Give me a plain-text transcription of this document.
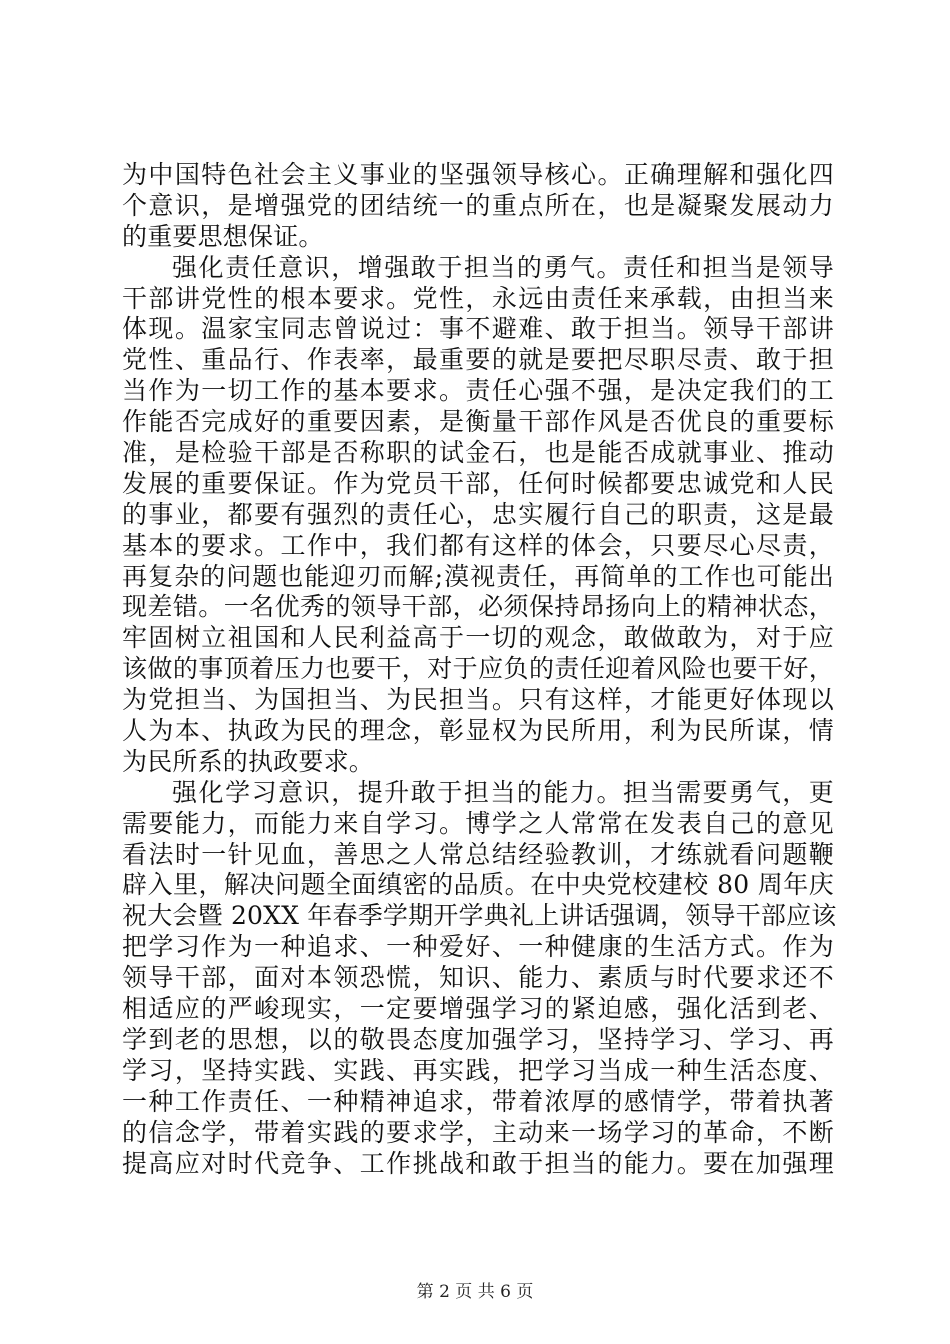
为中国特色社会主义事业的坚强领导核心。正确理解和强化四
个意识，是增强党的团结统一的重点所在，也是凝聚发展动力
的重要思想保证。
强化责任意识，增强敢于担当的勇气。责任和担当是领导
干部讲党性的根本要求。党性，永远由责任来承载，由担当来
体现。温家宝同志曾说过：事不避难、敢于担当。领导干部讲
党性、重品行、作表率，最重要的就是要把尽职尽责、敢于担
当作为一切工作的基本要求。责任心强不强，是决定我们的工
作能否完成好的重要因素，是衡量干部作风是否优良的重要标
准，是检验干部是否称职的试金石，也是能否成就事业、推动
发展的重要保证。作为党员干部，任何时候都要忠诚党和人民
的事业，都要有强烈的责任心，忠实履行自己的职责，这是最
基本的要求。工作中，我们都有这样的体会，只要尽心尽责，
再复杂的问题也能迎刃而解;漠视责任，再简单的工作也可能出
现差错。一名优秀的领导干部，必须保持昂扬向上的精神状态，
牢固树立祖国和人民利益高于一切的观念，敢做敢为，对于应
该做的事顶着压力也要干，对于应负的责任迎着风险也要干好，
为党担当、为国担当、为民担当。只有这样，才能更好体现以
人为本、执政为民的理念，彰显权为民所用，利为民所谋，情
为民所系的执政要求。
强化学习意识，提升敢于担当的能力。担当需要勇气，更
需要能力，而能力来自学习。博学之人常常在发表自己的意见
看法时一针见血，善思之人常总结经验教训，才练就看问题鞭
辟入里，解决问题全面缜密的品质。在中央党校建校 80 周年庆
祝大会暨 20XX 年春季学期开学典礼上讲话强调，领导干部应该
把学习作为一种追求、一种爱好、一种健康的生活方式。作为
领导干部，面对本领恐慌，知识、能力、素质与时代要求还不
相适应的严峻现实，一定要增强学习的紧迫感，强化活到老、
学到老的思想，以的敬畏态度加强学习，坚持学习、学习、再
学习，坚持实践、实践、再实践，把学习当成一种生活态度、
一种工作责任、一种精神追求，带着浓厚的感情学，带着执著
的信念学，带着实践的要求学，主动来一场学习的革命，不断
提高应对时代竞争、工作挑战和敢于担当的能力。要在加强理
第 2 页 共 6 页
